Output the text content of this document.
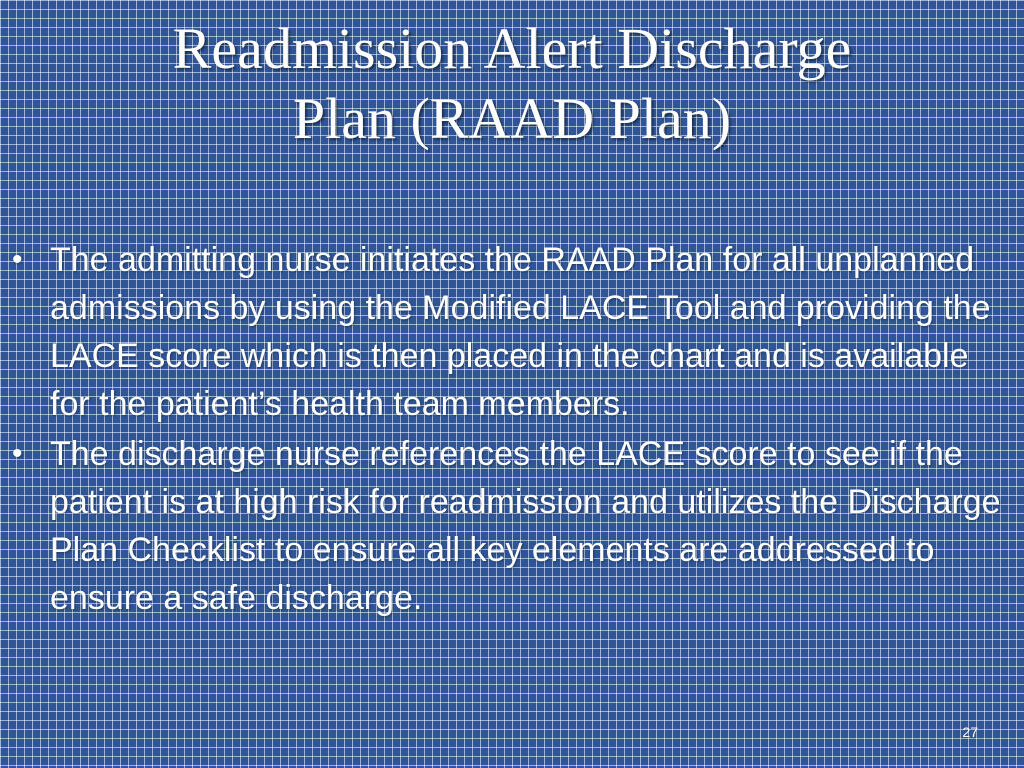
Readmission Alert Discharge
Plan (RAAD Plan)
• The admitting nurse initiates the RAAD Plan for all unplanned admissions by using the Modified LACE Tool and providing the LACE score which is then placed in the chart and is available for the patient’s health team members.
• The discharge nurse references the LACE score to see if the patient is at high risk for readmission and utilizes the Discharge Plan Checklist to ensure all key elements are addressed to ensure a safe discharge.
27
